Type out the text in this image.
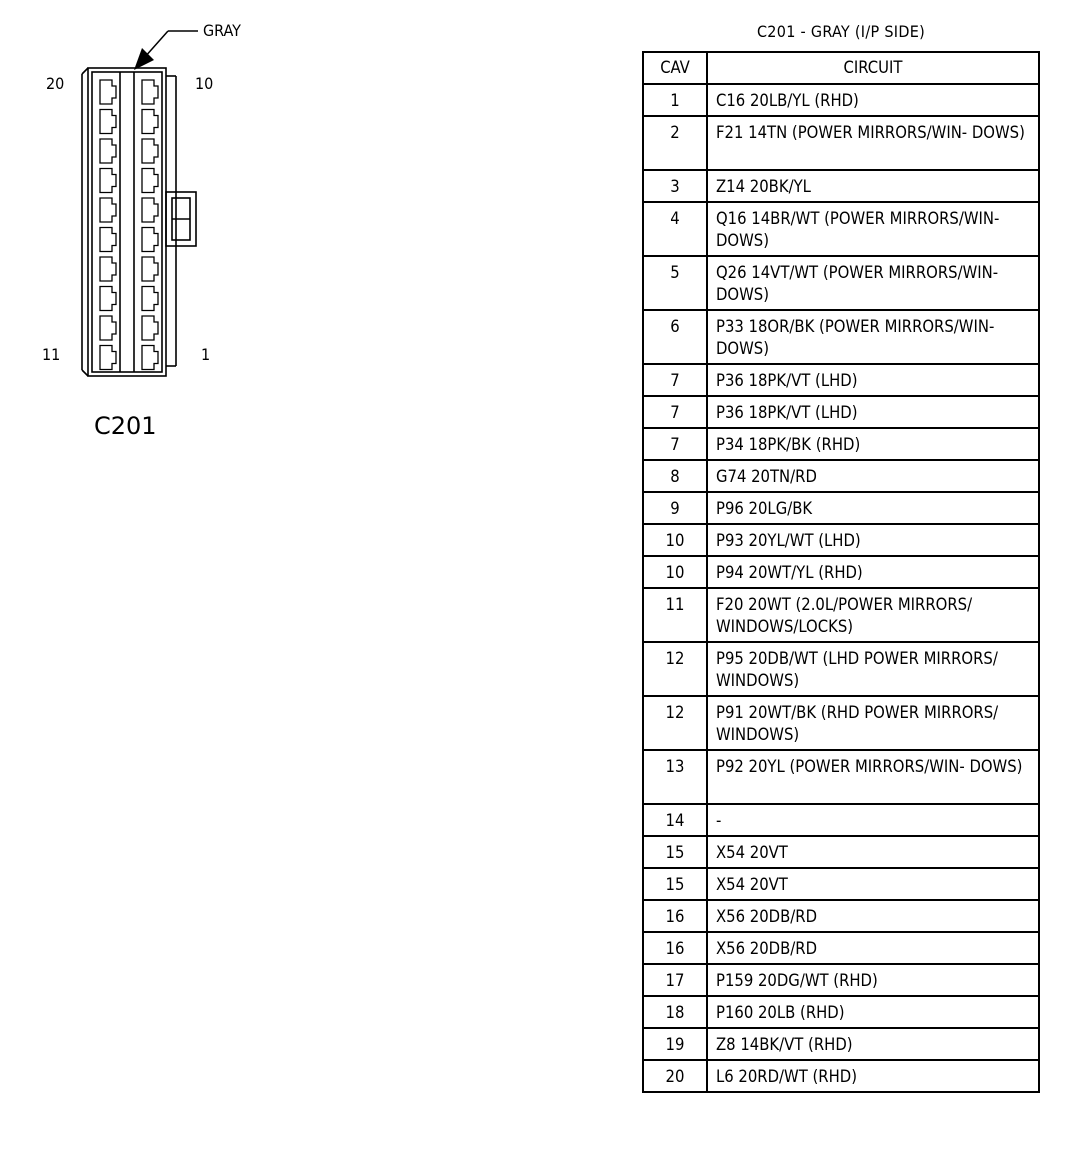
GRAY
20	10
11	1
C201
C201 - GRAY (I/P SIDE)
CAV	CIRCUIT
1	C16 20LB/YL (RHD)
2	F21 14TN (POWER MIRRORS/WIN- DOWS)
3	Z14 20BK/YL
4	Q16 14BR/WT (POWER MIRRORS/WIN- DOWS)
5	Q26 14VT/WT (POWER MIRRORS/WIN- DOWS)
6	P33 18OR/BK (POWER MIRRORS/WIN- DOWS)
7	P36 18PK/VT (LHD)
7	P36 18PK/VT (LHD)
7	P34 18PK/BK (RHD)
8	G74 20TN/RD
9	P96 20LG/BK
10	P93 20YL/WT (LHD)
10	P94 20WT/YL (RHD)
11	F20 20WT (2.0L/POWER MIRRORS/ WINDOWS/LOCKS)
12	P95 20DB/WT (LHD POWER MIRRORS/ WINDOWS)
12	P91 20WT/BK (RHD POWER MIRRORS/ WINDOWS)
13	P92 20YL (POWER MIRRORS/WIN- DOWS)
14	-
15	X54 20VT
15	X54 20VT
16	X56 20DB/RD
16	X56 20DB/RD
17	P159 20DG/WT (RHD)
18	P160 20LB (RHD)
19	Z8 14BK/VT (RHD)
20	L6 20RD/WT (RHD)
